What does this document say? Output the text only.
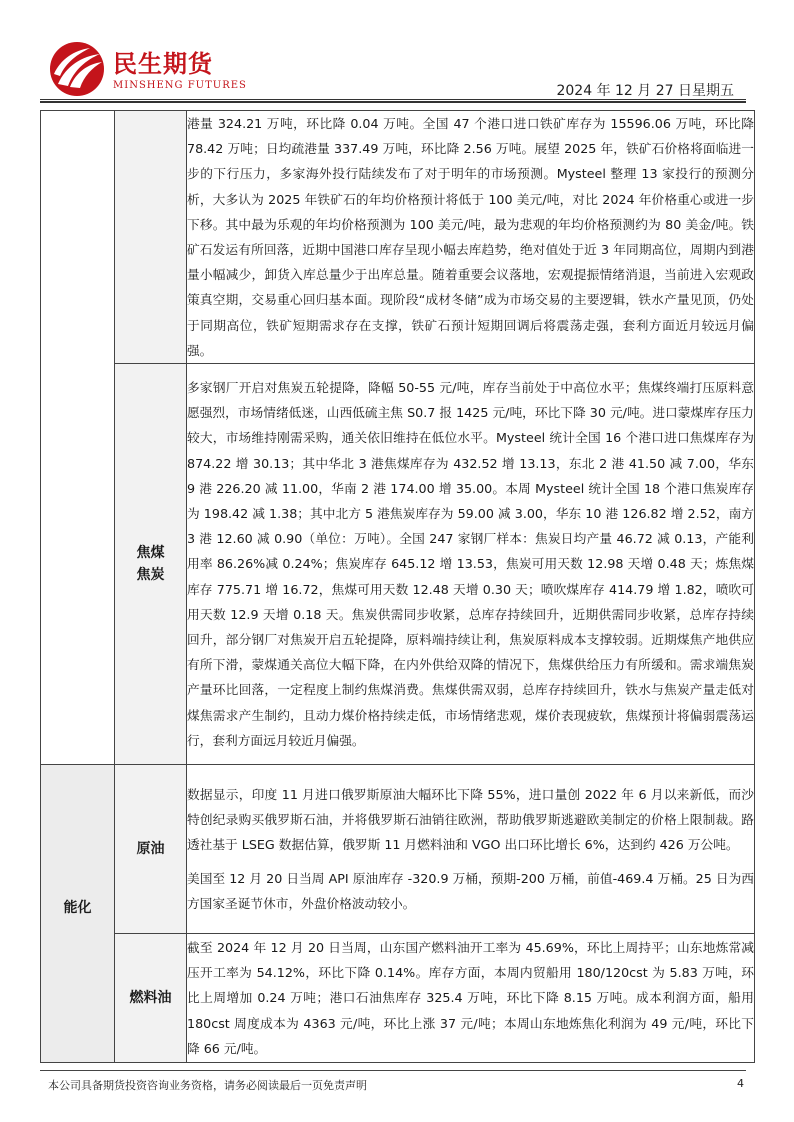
民生期货
MINSHENG FUTURES	2024 年 12 月 27 日星期五

		港量 324.21 万吨，环比降 0.04 万吨。全国 47 个港口进口铁矿库存为 15596.06 万吨，环比降 78.42 万吨；日均疏港量 337.49 万吨，环比降 2.56 万吨。展望 2025 年，铁矿石价格将面临进一步的下行压力，多家海外投行陆续发布了对于明年的市场预测。Mysteel 整理 13 家投行的预测分析，大多认为 2025 年铁矿石的年均价格预计将低于 100 美元/吨，对比 2024 年价格重心或进一步下移。其中最为乐观的年均价格预测为 100 美元/吨，最为悲观的年均价格预测约为 80 美金/吨。铁矿石发运有所回落，近期中国港口库存呈现小幅去库趋势，绝对值处于近 3 年同期高位，周期内到港量小幅减少，卸货入库总量少于出库总量。随着重要会议落地，宏观提振情绪消退，当前进入宏观政策真空期，交易重心回归基本面。现阶段“成材冬储”成为市场交易的主要逻辑，铁水产量见顶，仍处于同期高位，铁矿短期需求存在支撑，铁矿石预计短期回调后将震荡走强，套利方面近月较远月偏强。

	焦煤
焦炭	多家钢厂开启对焦炭五轮提降，降幅 50-55 元/吨，库存当前处于中高位水平；焦煤终端打压原料意愿强烈，市场情绪低迷，山西低硫主焦 S0.7 报 1425 元/吨，环比下降 30 元/吨。进口蒙煤库存压力较大，市场维持刚需采购，通关依旧维持在低位水平。Mysteel 统计全国 16 个港口进口焦煤库存为 874.22 增 30.13；其中华北 3 港焦煤库存为 432.52 增 13.13，东北 2 港 41.50 减 7.00，华东 9 港 226.20 减 11.00，华南 2 港 174.00 增 35.00。本周 Mysteel 统计全国 18 个港口焦炭库存为 198.42 减 1.38；其中北方 5 港焦炭库存为 59.00 减 3.00，华东 10 港 126.82 增 2.52，南方 3 港 12.60 减 0.90（单位：万吨）。全国 247 家钢厂样本：焦炭日均产量 46.72 减 0.13，产能利用率 86.26%减 0.24%；焦炭库存 645.12 增 13.53，焦炭可用天数 12.98 天增 0.48 天；炼焦煤库存 775.71 增 16.72，焦煤可用天数 12.48 天增 0.30 天；喷吹煤库存 414.79 增 1.82，喷吹可用天数 12.9 天增 0.18 天。焦炭供需同步收紧，总库存持续回升，近期供需同步收紧，总库存持续回升，部分钢厂对焦炭开启五轮提降，原料端持续让利，焦炭原料成本支撑较弱。近期煤焦产地供应有所下滑，蒙煤通关高位大幅下降，在内外供给双降的情况下，焦煤供给压力有所缓和。需求端焦炭产量环比回落，一定程度上制约焦煤消费。焦煤供需双弱，总库存持续回升，铁水与焦炭产量走低对煤焦需求产生制约，且动力煤价格持续走低，市场情绪悲观，煤价表现疲软，焦煤预计将偏弱震荡运行，套利方面远月较近月偏强。

能化	原油	数据显示，印度 11 月进口俄罗斯原油大幅环比下降 55%，进口量创 2022 年 6 月以来新低，而沙特创纪录购买俄罗斯石油，并将俄罗斯石油销往欧洲，帮助俄罗斯逃避欧美制定的价格上限制裁。路透社基于 LSEG 数据估算，俄罗斯 11 月燃料油和 VGO 出口环比增长 6%，达到约 426 万公吨。

美国至 12 月 20 日当周 API 原油库存 -320.9 万桶，预期-200 万桶，前值-469.4 万桶。25 日为西方国家圣诞节休市，外盘价格波动较小。

	燃料油	截至 2024 年 12 月 20 日当周，山东国产燃料油开工率为 45.69%，环比上周持平；山东地炼常减压开工率为 54.12%，环比下降 0.14%。库存方面，本周内贸船用 180/120cst 为 5.83 万吨，环比上周增加 0.24 万吨；港口石油焦库存 325.4 万吨，环比下降 8.15 万吨。成本利润方面，船用 180cst 周度成本为 4363 元/吨，环比上涨 37 元/吨；本周山东地炼焦化利润为 49 元/吨，环比下降 66 元/吨。

本公司具备期货投资咨询业务资格，请务必阅读最后一页免责声明	4
